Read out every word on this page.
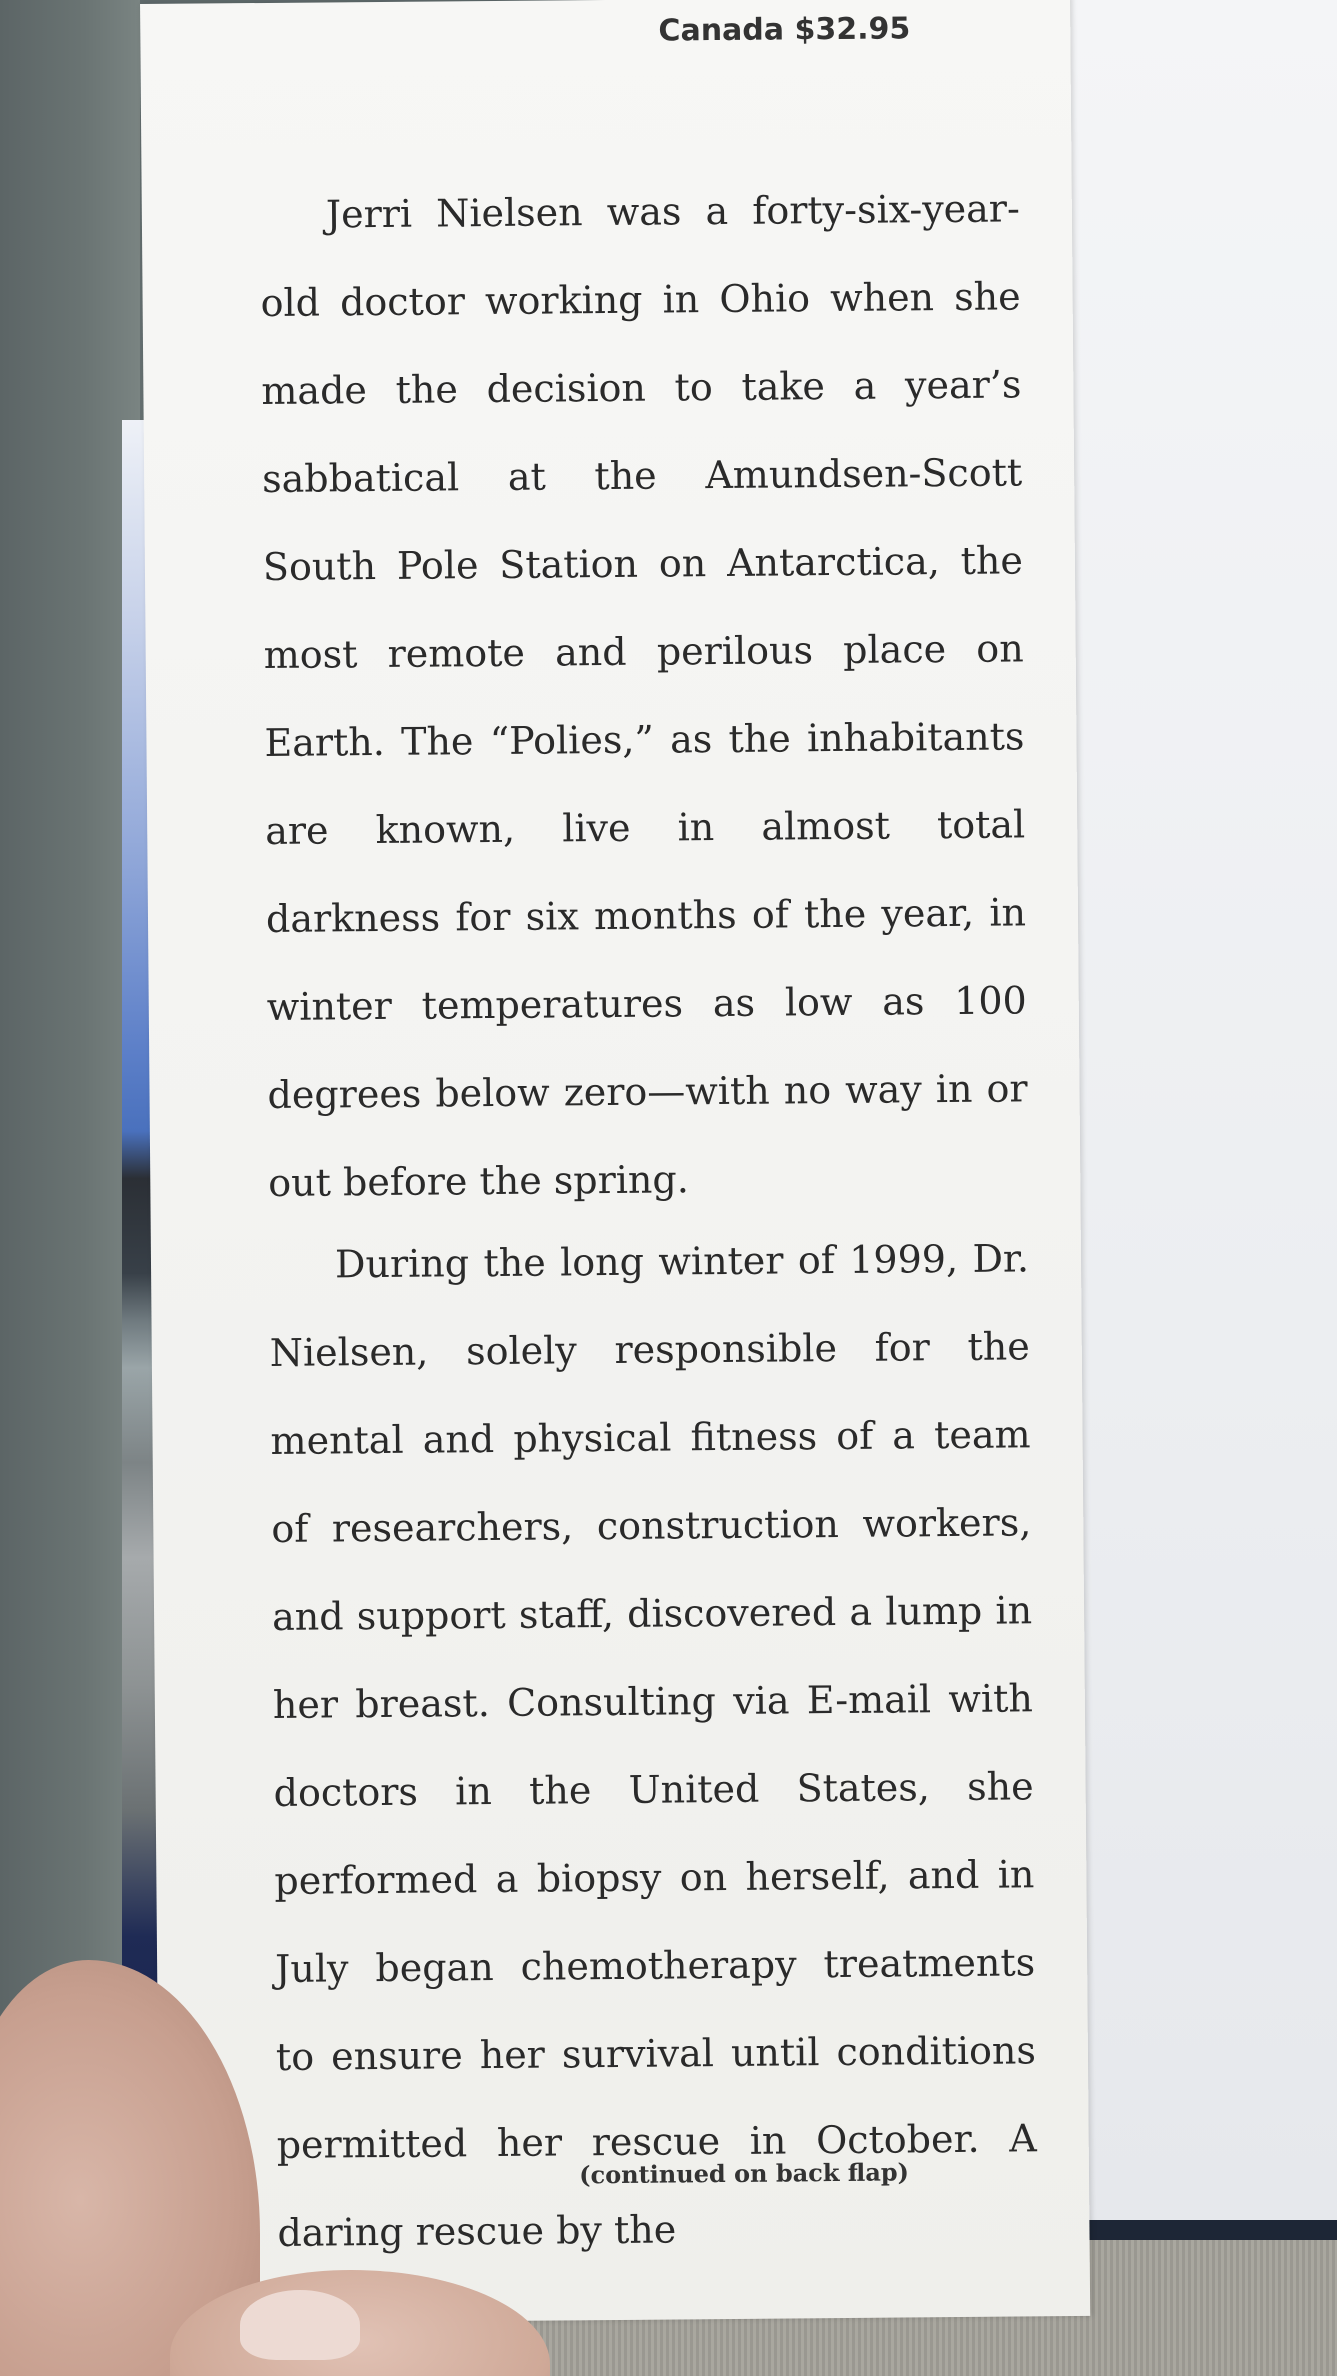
Canada $32.95

Jerri Nielsen was a forty-six-year-old doctor working in Ohio when she made the decision to take a year’s sabbatical at the Amundsen-Scott South Pole Station on Antarctica, the most remote and perilous place on Earth. The “Polies,” as the inhabitants are known, live in almost total darkness for six months of the year, in winter temperatures as low as 100 degrees below zero—with no way in or out before the spring.

During the long winter of 1999, Dr. Nielsen, solely responsible for the mental and physical fitness of a team of researchers, construction workers, and support staff, discovered a lump in her breast. Consulting via E-mail with doctors in the United States, she performed a biopsy on herself, and in July began chemotherapy treatments to ensure her survival until conditions permitted her rescue in October. A daring rescue by the

(continued on back flap)
